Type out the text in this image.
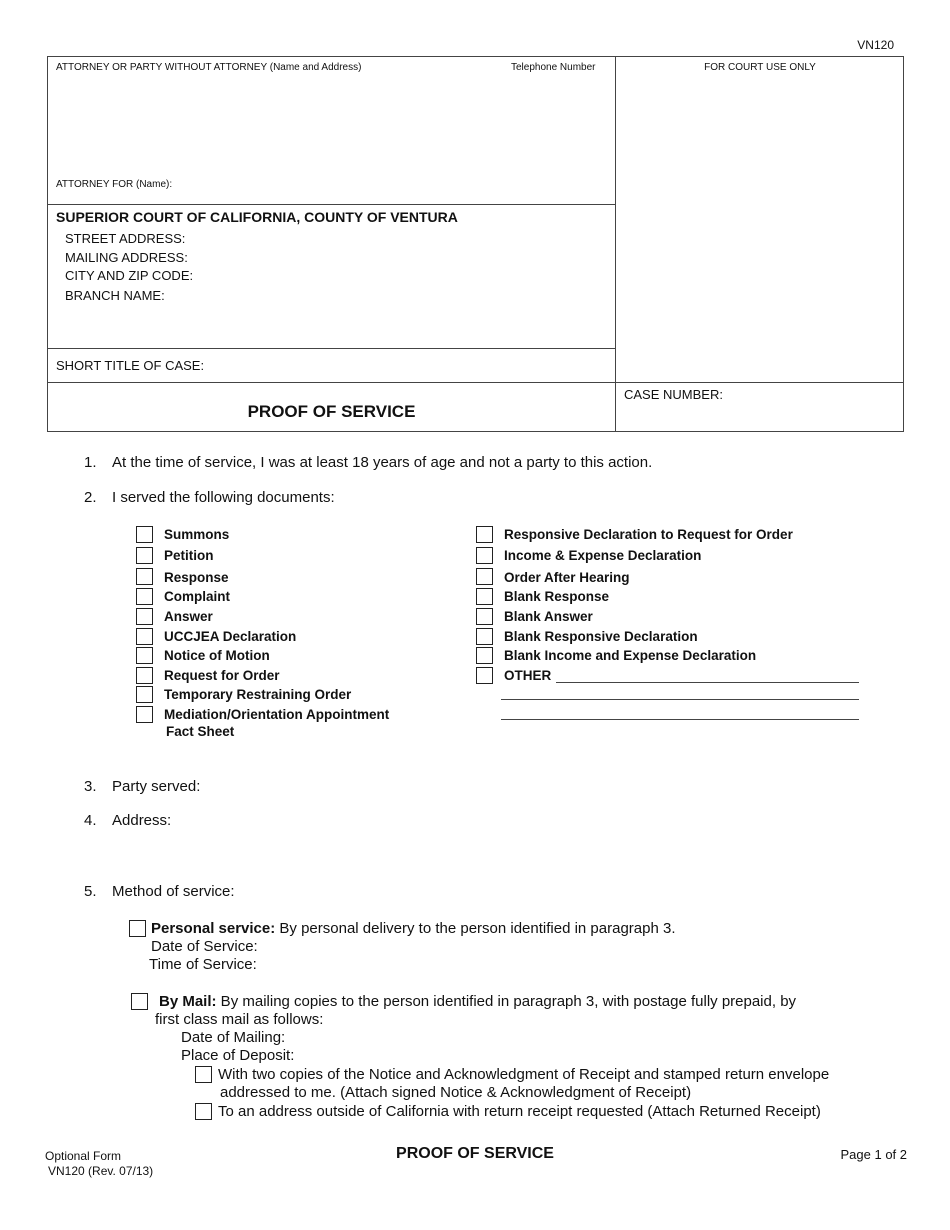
VN120
ATTORNEY OR PARTY WITHOUT ATTORNEY (Name and Address)	Telephone Number	FOR COURT USE ONLY
ATTORNEY FOR (Name):
SUPERIOR COURT OF CALIFORNIA, COUNTY OF VENTURA
STREET ADDRESS:
MAILING ADDRESS:
CITY AND ZIP CODE:
BRANCH NAME:
SHORT TITLE OF CASE:
CASE NUMBER:
PROOF OF SERVICE
1. At the time of service, I was at least 18 years of age and not a party to this action.
2. I served the following documents:
Summons
Petition
Response
Complaint
Answer
UCCJEA Declaration
Notice of Motion
Request for Order
Temporary Restraining Order
Mediation/Orientation Appointment
Fact Sheet
Responsive Declaration to Request for Order
Income & Expense Declaration
Order After Hearing
Blank Response
Blank Answer
Blank Responsive Declaration
Blank Income and Expense Declaration
OTHER
3. Party served:
4. Address:
5. Method of service:
Personal service: By personal delivery to the person identified in paragraph 3.
Date of Service:
Time of Service:
By Mail: By mailing copies to the person identified in paragraph 3, with postage fully prepaid, by
first class mail as follows:
Date of Mailing:
Place of Deposit:
With two copies of the Notice and Acknowledgment of Receipt and stamped return envelope
addressed to me. (Attach signed Notice & Acknowledgment of Receipt)
To an address outside of California with return receipt requested (Attach Returned Receipt)
Optional Form
VN120 (Rev. 07/13)
PROOF OF SERVICE	Page 1 of 2
